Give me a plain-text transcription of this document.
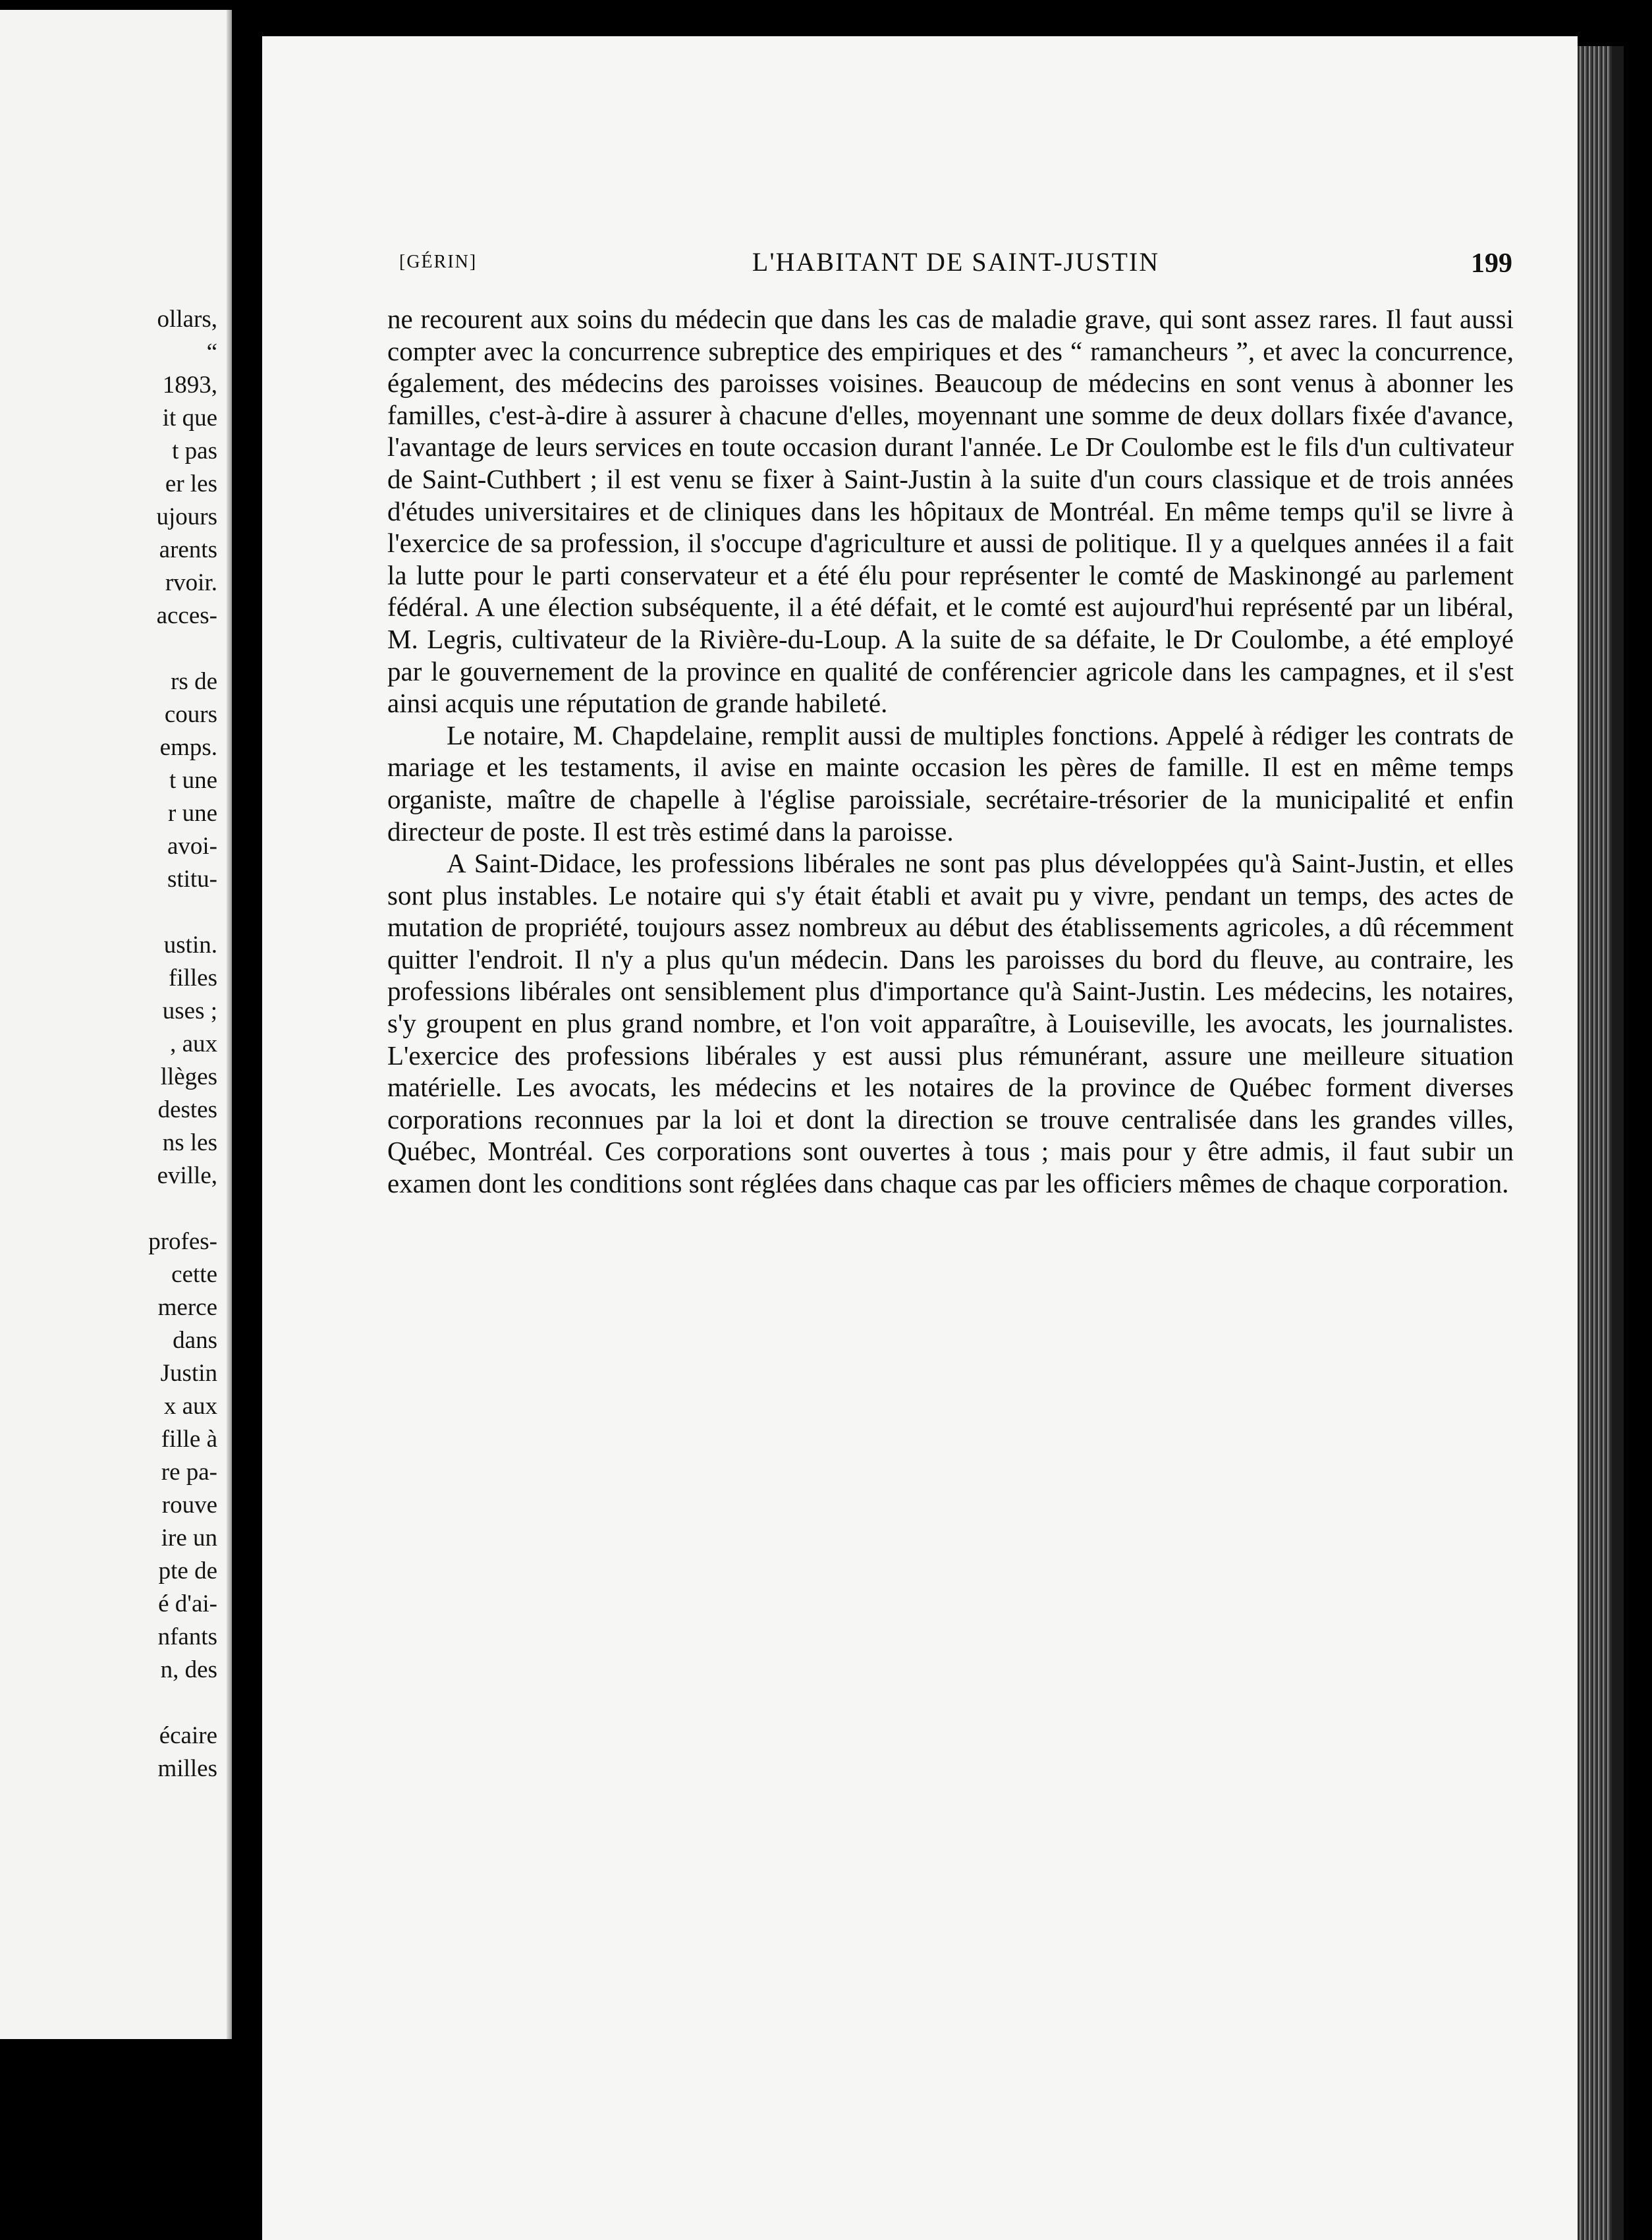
ollars,
“
1893,
it que
t pas
er les
ujours
arents
rvoir.
acces-
rs de
cours
emps.
t une
r une
avoi-
stitu-
ustin.
filles
uses ;
, aux
llèges
destes
ns les
eville,
profes-
cette
merce
dans
Justin
x aux
fille à
re pa-
rouve
ire un
pte de
é d'ai-
nfants
n, des
écaire
milles
[GÉRIN]	L'HABITANT DE SAINT-JUSTIN	199

ne recourent aux soins du médecin que dans les cas de maladie grave, qui sont assez rares. Il faut aussi compter avec la concurrence subreptice des empiriques et des “ ramancheurs ”, et avec la concurrence, également, des médecins des paroisses voisines. Beaucoup de médecins en sont venus à abonner les familles, c'est-à-dire à assurer à chacune d'elles, moyennant une somme de deux dollars fixée d'avance, l'avantage de leurs services en toute occasion durant l'année. Le Dr Coulombe est le fils d'un cultivateur de Saint-Cuthbert ; il est venu se fixer à Saint-Justin à la suite d'un cours classique et de trois années d'études universitaires et de cliniques dans les hôpitaux de Montréal. En même temps qu'il se livre à l'exercice de sa profession, il s'occupe d'agriculture et aussi de politique. Il y a quelques années il a fait la lutte pour le parti conservateur et a été élu pour représenter le comté de Maskinongé au parlement fédéral. A une élection subséquente, il a été défait, et le comté est aujourd'hui représenté par un libéral, M. Legris, cultivateur de la Rivière-du-Loup. A la suite de sa défaite, le Dr Coulombe, a été employé par le gouvernement de la province en qualité de conférencier agricole dans les campagnes, et il s'est ainsi acquis une réputation de grande habileté.

Le notaire, M. Chapdelaine, remplit aussi de multiples fonctions. Appelé à rédiger les contrats de mariage et les testaments, il avise en mainte occasion les pères de famille. Il est en même temps organiste, maître de chapelle à l'église paroissiale, secrétaire-trésorier de la municipalité et enfin directeur de poste. Il est très estimé dans la paroisse.

A Saint-Didace, les professions libérales ne sont pas plus développées qu'à Saint-Justin, et elles sont plus instables. Le notaire qui s'y était établi et avait pu y vivre, pendant un temps, des actes de mutation de propriété, toujours assez nombreux au début des établissements agricoles, a dû récemment quitter l'endroit. Il n'y a plus qu'un médecin. Dans les paroisses du bord du fleuve, au contraire, les professions libérales ont sensiblement plus d'importance qu'à Saint-Justin. Les médecins, les notaires, s'y groupent en plus grand nombre, et l'on voit apparaître, à Louiseville, les avocats, les journalistes. L'exercice des professions libérales y est aussi plus rémunérant, assure une meilleure situation matérielle. Les avocats, les médecins et les notaires de la province de Québec forment diverses corporations reconnues par la loi et dont la direction se trouve centralisée dans les grandes villes, Québec, Montréal. Ces corporations sont ouvertes à tous ; mais pour y être admis, il faut subir un examen dont les conditions sont réglées dans chaque cas par les officiers mêmes de chaque corporation.
